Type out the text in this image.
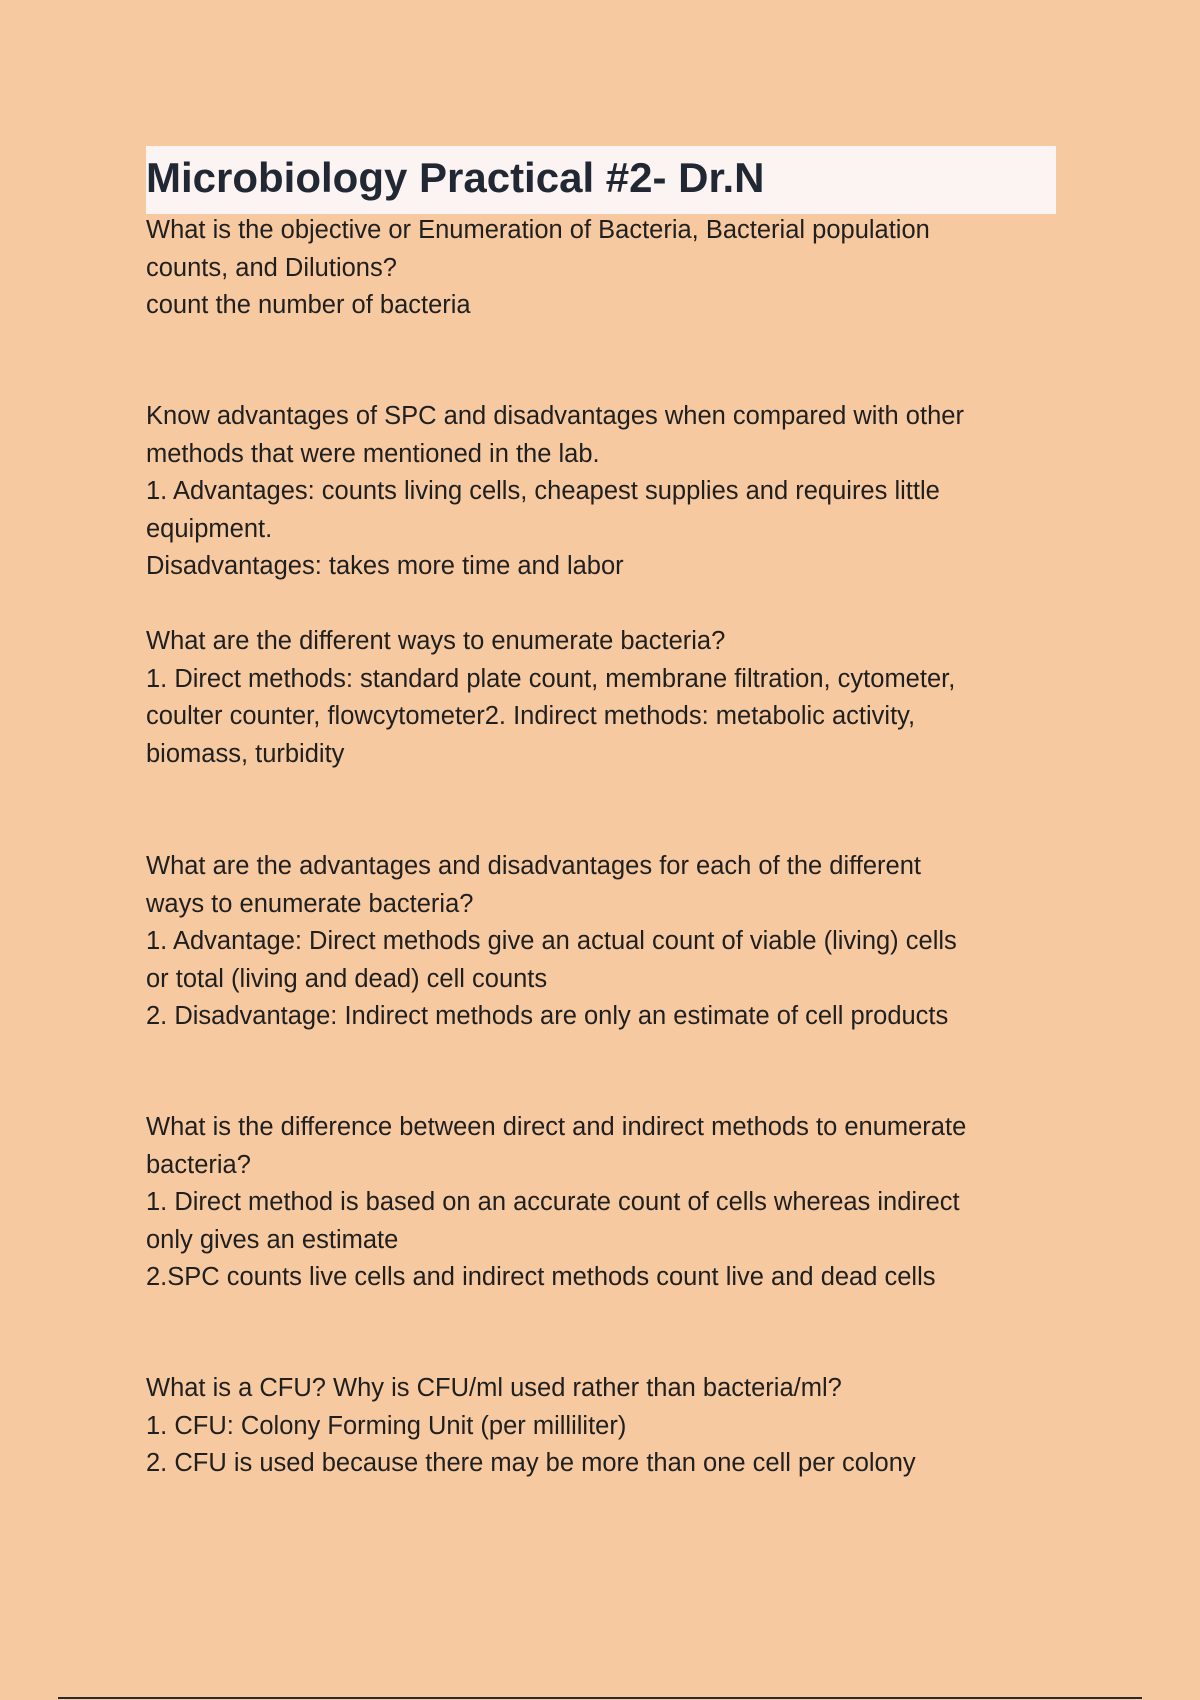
Microbiology Practical #2- Dr.N
What is the objective or Enumeration of Bacteria, Bacterial population
counts, and Dilutions?
count the number of bacteria
Know advantages of SPC and disadvantages when compared with other
methods that were mentioned in the lab.
1. Advantages: counts living cells, cheapest supplies and requires little
equipment.
Disadvantages: takes more time and labor
What are the different ways to enumerate bacteria?
1. Direct methods: standard plate count, membrane filtration, cytometer,
coulter counter, flowcytometer2. Indirect methods: metabolic activity,
biomass, turbidity
What are the advantages and disadvantages for each of the different
ways to enumerate bacteria?
1. Advantage: Direct methods give an actual count of viable (living) cells
or total (living and dead) cell counts
2. Disadvantage: Indirect methods are only an estimate of cell products
What is the difference between direct and indirect methods to enumerate
bacteria?
1. Direct method is based on an accurate count of cells whereas indirect
only gives an estimate
2.SPC counts live cells and indirect methods count live and dead cells
What is a CFU? Why is CFU/ml used rather than bacteria/ml?
1. CFU: Colony Forming Unit (per milliliter)
2. CFU is used because there may be more than one cell per colony
